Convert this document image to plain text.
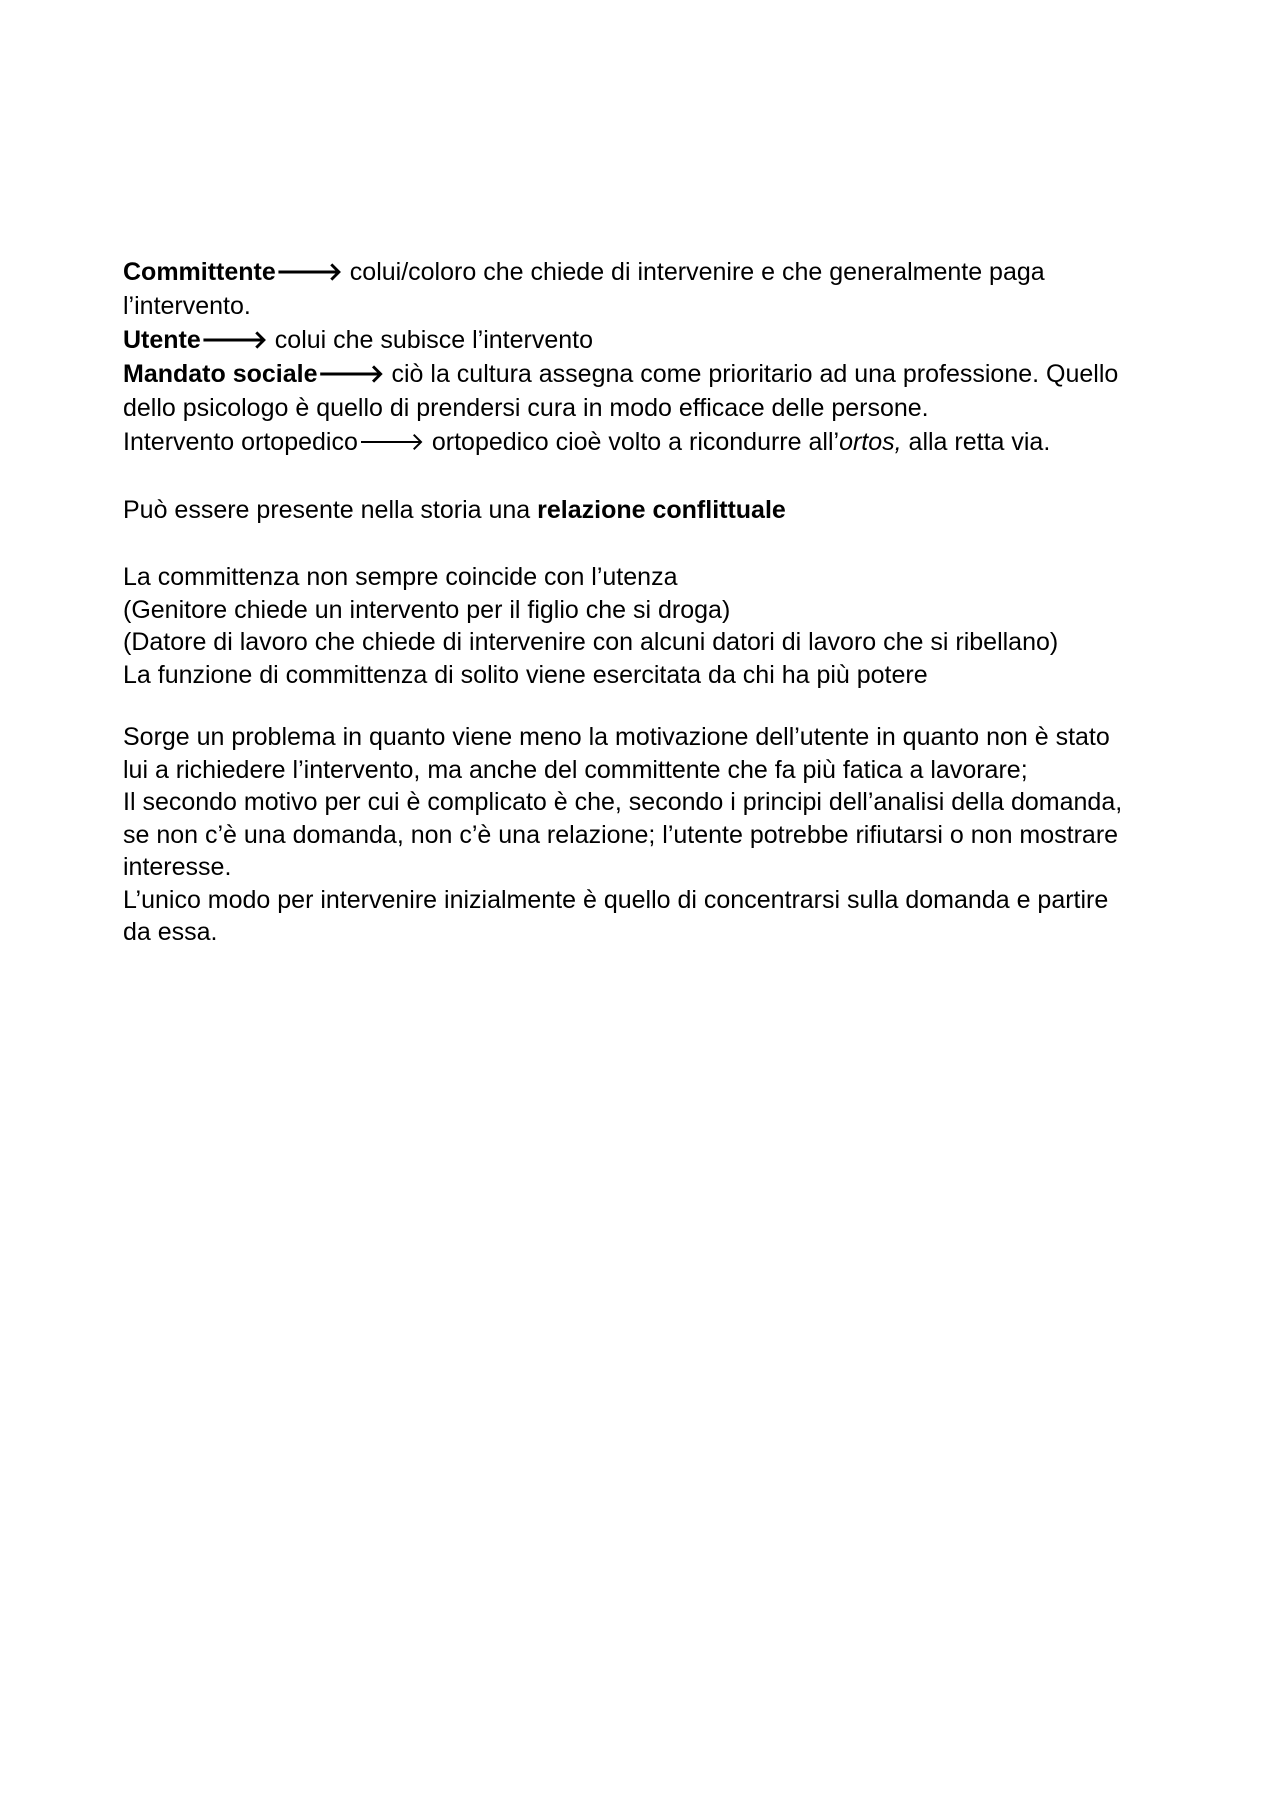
Committente🡒 colui/coloro che chiede di intervenire e che generalmente paga

l’intervento.

Utente🡒 colui che subisce l’intervento

Mandato sociale🡒 ciò la cultura assegna come prioritario ad una professione. Quello

dello psicologo è quello di prendersi cura in modo efficace delle persone.

Intervento ortopedico🡒 ortopedico cioè volto a ricondurre all’ortos, alla retta via.

Può essere presente nella storia una relazione conflittuale

La committenza non sempre coincide con l’utenza

(Genitore chiede un intervento per il figlio che si droga)

(Datore di lavoro che chiede di intervenire con alcuni datori di lavoro che si ribellano)

La funzione di committenza di solito viene esercitata da chi ha più potere

Sorge un problema in quanto viene meno la motivazione dell’utente in quanto non è stato

lui a richiedere l’intervento, ma anche del committente che fa più fatica a lavorare;

Il secondo motivo per cui è complicato è che, secondo i principi dell’analisi della domanda,

se non c’è una domanda, non c’è una relazione; l’utente potrebbe rifiutarsi o non mostrare

interesse.

L’unico modo per intervenire inizialmente è quello di concentrarsi sulla domanda e partire

da essa.
